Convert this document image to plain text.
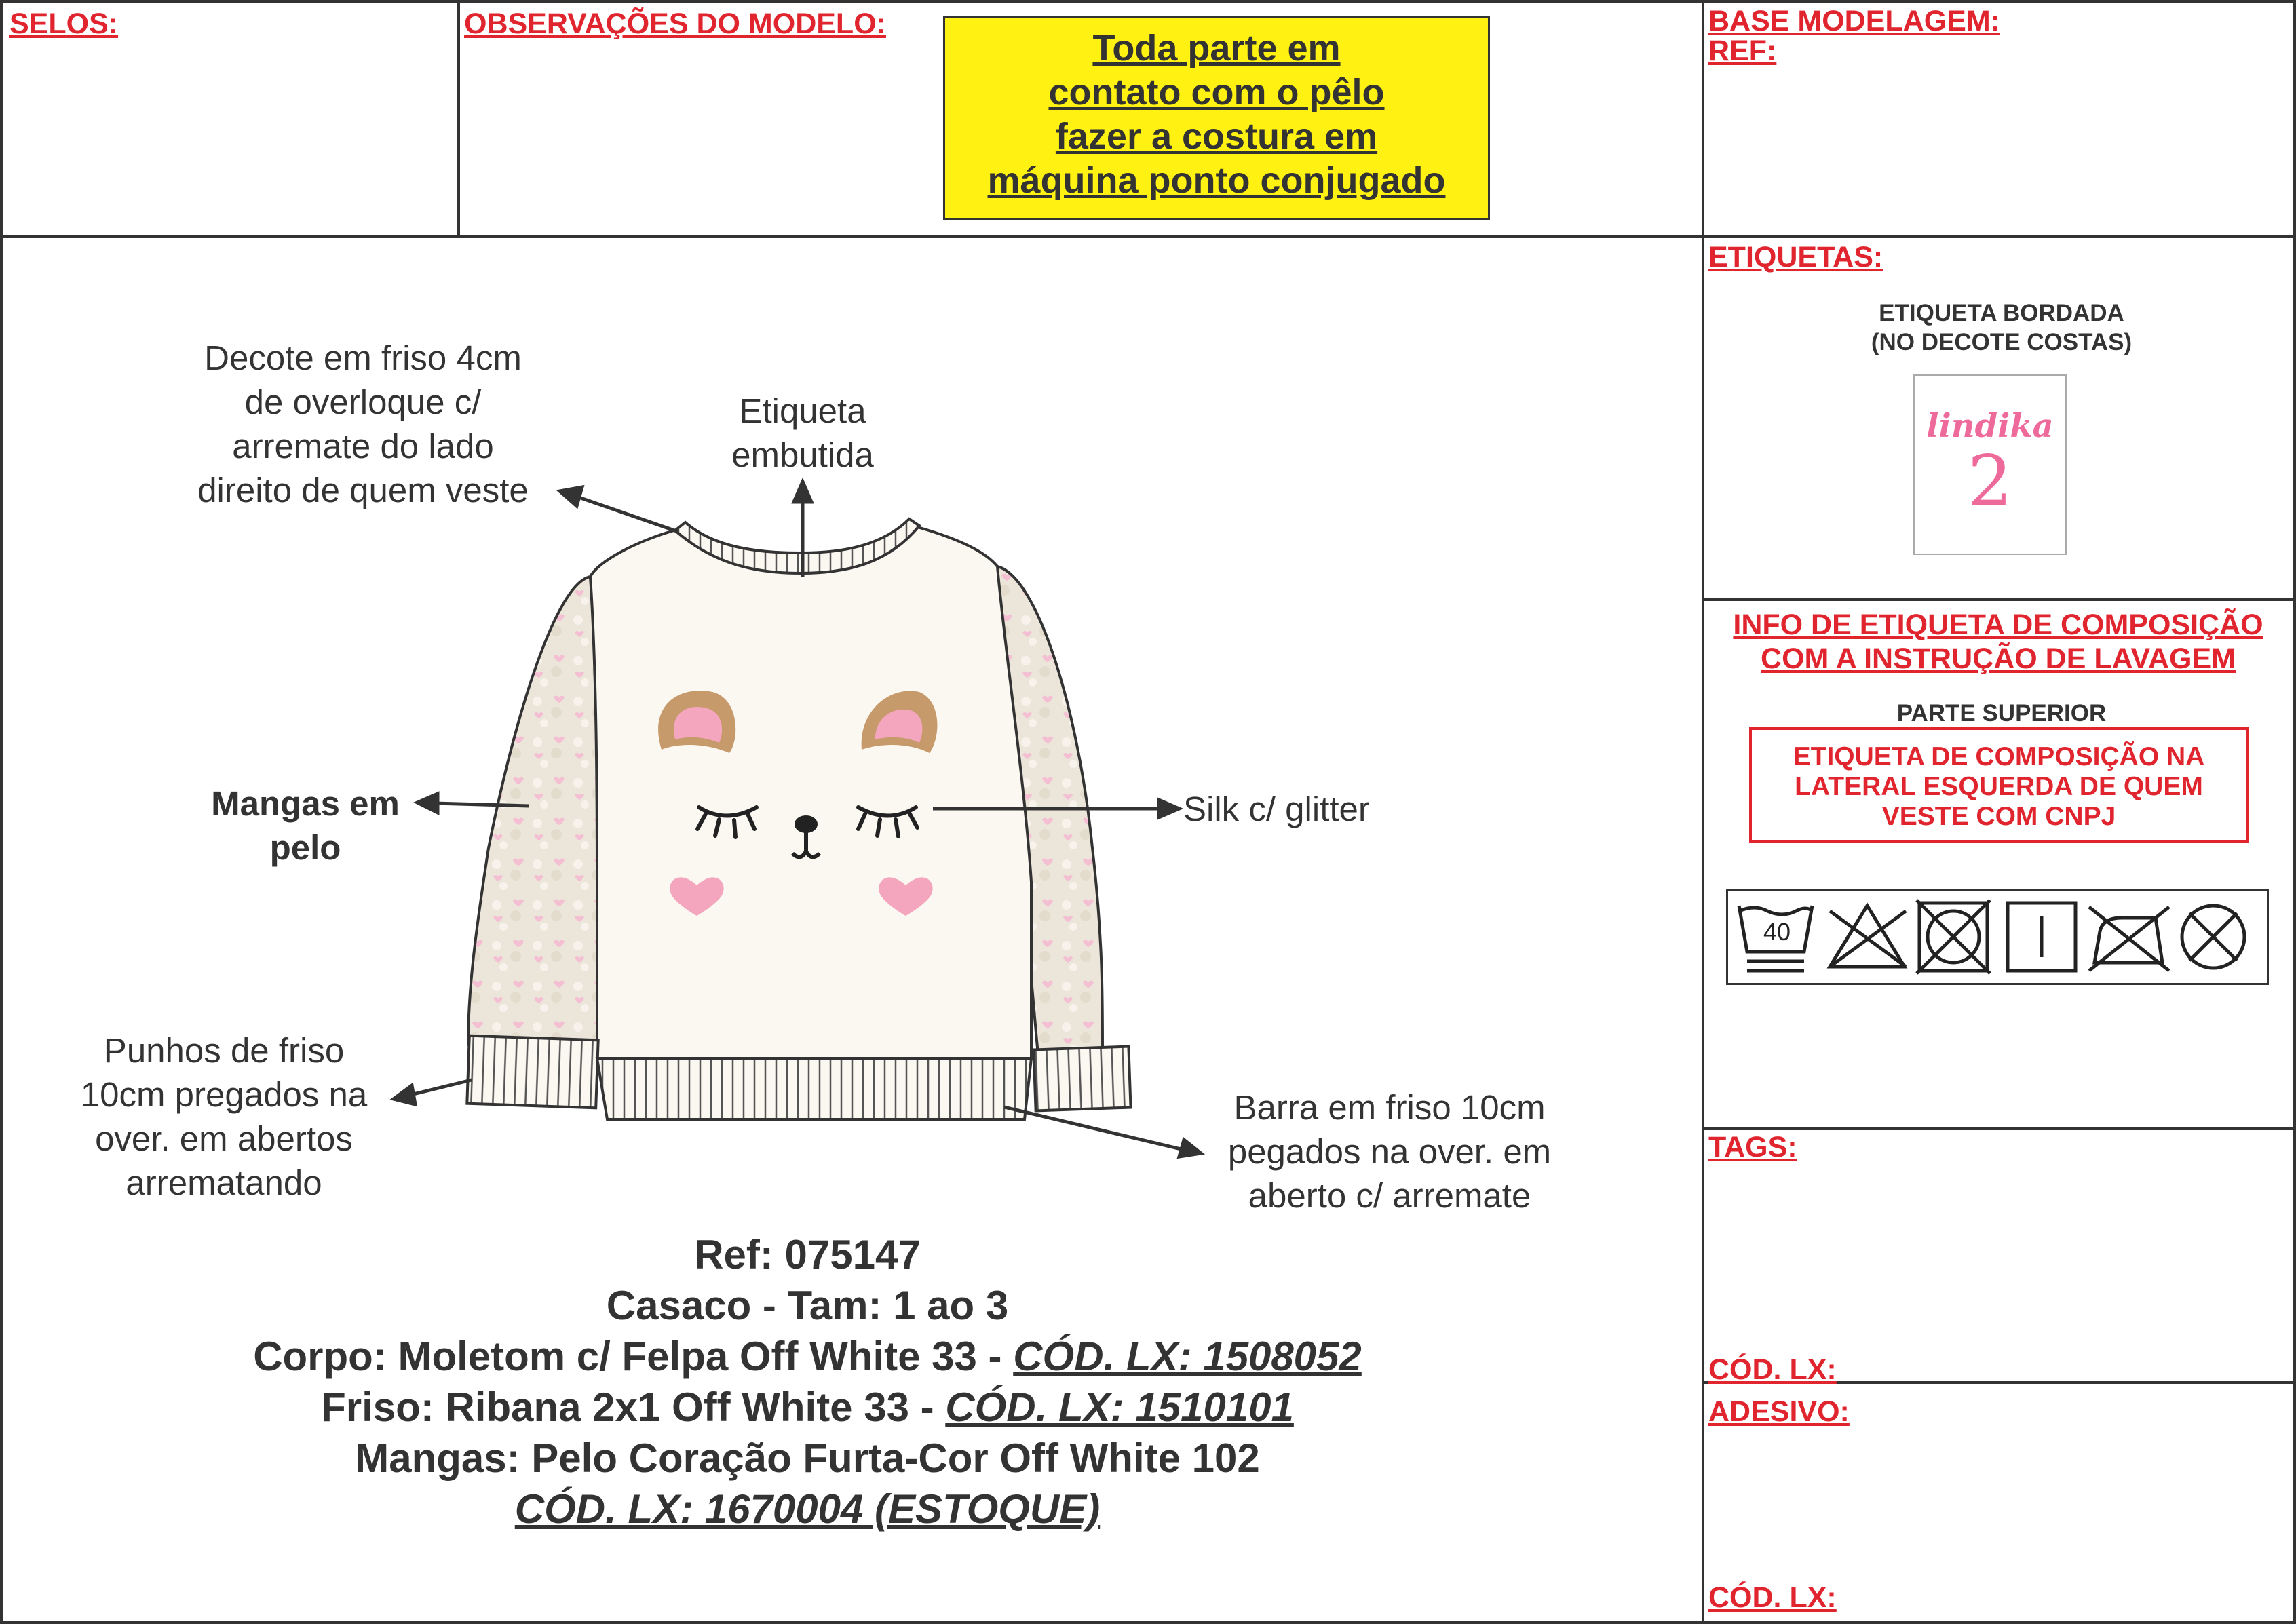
SELOS:	OBSERVAÇÕES DO MODELO:
Toda parte em
contato com o pêlo
fazer a costura em
máquina ponto conjugado
BASE MODELAGEM:
REF:
Decote em friso 4cm
de overloque c/
arremate do lado
direito de quem veste
Etiqueta
embutida
Mangas em
pelo
Silk c/ glitter
Punhos de friso
10cm pregados na
over. em abertos
arrematando
Barra em friso 10cm
pegados na over. em
aberto c/ arremate
Ref: 075147
Casaco - Tam: 1 ao 3
Corpo: Moletom c/ Felpa Off White 33 - CÓD. LX: 1508052
Friso: Ribana 2x1 Off White 33 - CÓD. LX: 1510101
Mangas: Pelo Coração Furta-Cor Off White 102
CÓD. LX: 1670004 (ESTOQUE)
ETIQUETAS:
ETIQUETA BORDADA
(NO DECOTE COSTAS)
lindika
2
INFO DE ETIQUETA DE COMPOSIÇÃO
COM A INSTRUÇÃO DE LAVAGEM
PARTE SUPERIOR
ETIQUETA DE COMPOSIÇÃO NA
LATERAL ESQUERDA DE QUEM
VESTE COM CNPJ
40
TAGS:
CÓD. LX:
ADESIVO:
CÓD. LX:
